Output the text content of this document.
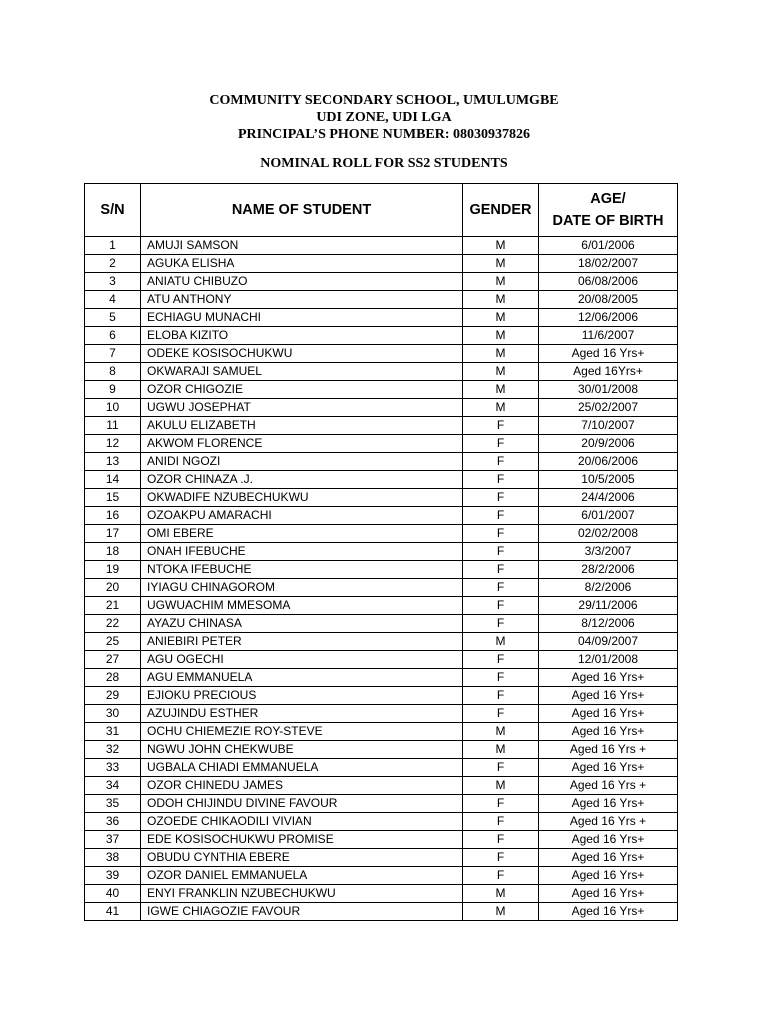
COMMUNITY SECONDARY SCHOOL, UMULUMGBE
UDI ZONE, UDI LGA
PRINCIPAL’S PHONE NUMBER: 08030937826
NOMINAL ROLL FOR SS2 STUDENTS
S/N	NAME OF STUDENT	GENDER	AGE/
DATE OF BIRTH
1	AMUJI SAMSON	M	6/01/2006
2	AGUKA ELISHA	M	18/02/2007
3	ANIATU CHIBUZO	M	06/08/2006
4	ATU ANTHONY	M	20/08/2005
5	ECHIAGU MUNACHI	M	12/06/2006
6	ELOBA KIZITO	M	11/6/2007
7	ODEKE KOSISOCHUKWU	M	Aged 16 Yrs+
8	OKWARAJI SAMUEL	M	Aged 16Yrs+
9	OZOR CHIGOZIE	M	30/01/2008
10	UGWU JOSEPHAT	M	25/02/2007
11	AKULU ELIZABETH	F	7/10/2007
12	AKWOM FLORENCE	F	20/9/2006
13	ANIDI NGOZI	F	20/06/2006
14	OZOR CHINAZA .J.	F	10/5/2005
15	OKWADIFE NZUBECHUKWU	F	24/4/2006
16	OZOAKPU AMARACHI	F	6/01/2007
17	OMI EBERE	F	02/02/2008
18	ONAH IFEBUCHE	F	3/3/2007
19	NTOKA IFEBUCHE	F	28/2/2006
20	IYIAGU CHINAGOROM	F	8/2/2006
21	UGWUACHIM MMESOMA	F	29/11/2006
22	AYAZU CHINASA	F	8/12/2006
25	ANIEBIRI PETER	M	04/09/2007
27	AGU OGECHI	F	12/01/2008
28	AGU EMMANUELA	F	Aged 16 Yrs+
29	EJIOKU PRECIOUS	F	Aged 16 Yrs+
30	AZUJINDU ESTHER	F	Aged 16 Yrs+
31	OCHU CHIEMEZIE ROY-STEVE	M	Aged 16 Yrs+
32	NGWU JOHN CHEKWUBE	M	Aged 16 Yrs +
33	UGBALA CHIADI EMMANUELA	F	Aged 16 Yrs+
34	OZOR CHINEDU JAMES	M	Aged 16 Yrs +
35	ODOH CHIJINDU DIVINE FAVOUR	F	Aged 16 Yrs+
36	OZOEDE CHIKAODILI VIVIAN	F	Aged 16 Yrs +
37	EDE KOSISOCHUKWU PROMISE	F	Aged 16 Yrs+
38	OBUDU CYNTHIA EBERE	F	Aged 16 Yrs+
39	OZOR DANIEL EMMANUELA	F	Aged 16 Yrs+
40	ENYI FRANKLIN NZUBECHUKWU	M	Aged 16 Yrs+
41	IGWE CHIAGOZIE FAVOUR	M	Aged 16 Yrs+
